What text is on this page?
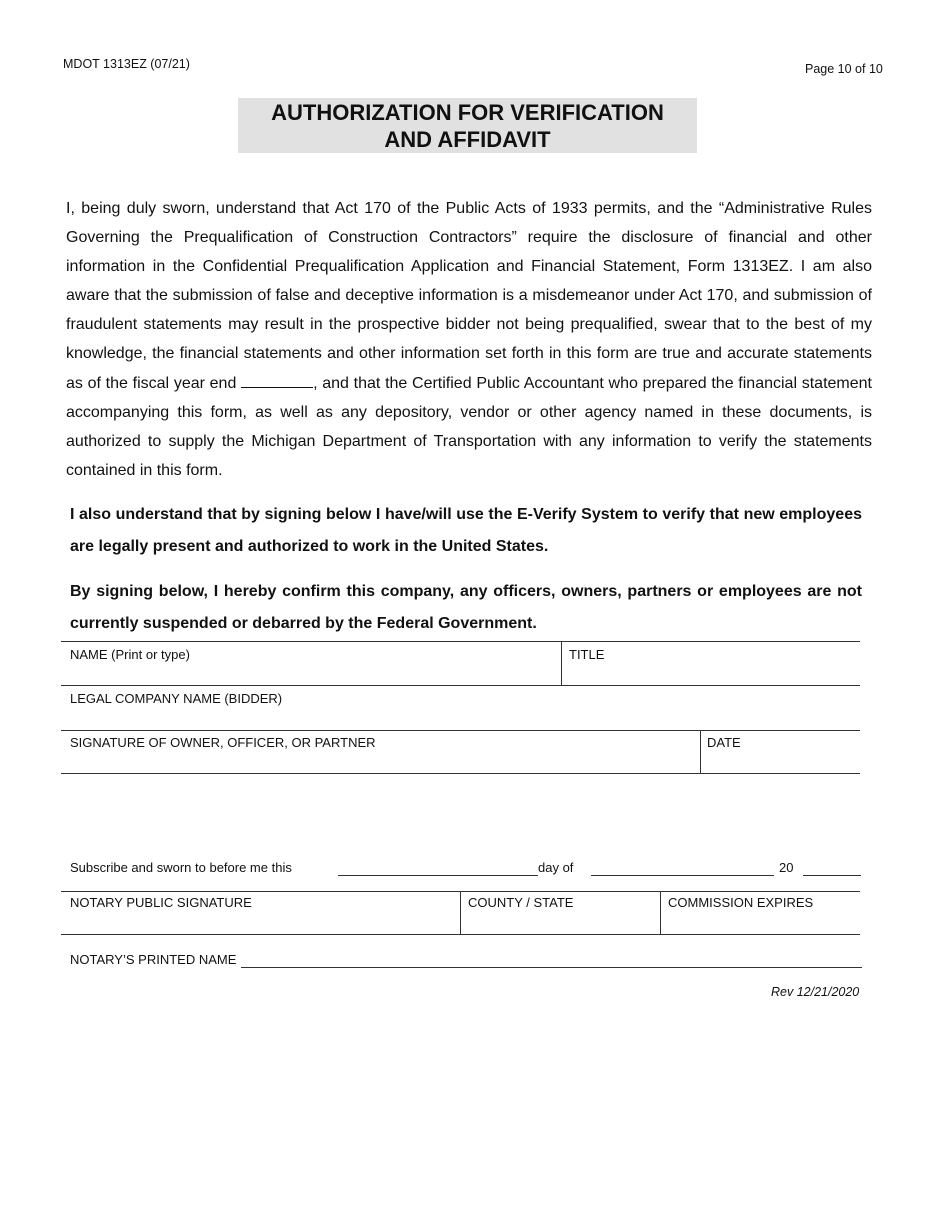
MDOT 1313EZ (07/21)	Page 10 of 10
AUTHORIZATION FOR VERIFICATION
AND AFFIDAVIT
I, being duly sworn, understand that Act 170 of the Public Acts of 1933 permits, and the “Administrative Rules Governing the Prequalification of Construction Contractors” require the disclosure of financial and other information in the Confidential Prequalification Application and Financial Statement, Form 1313EZ. I am also aware that the submission of false and deceptive information is a misdemeanor under Act 170, and submission of fraudulent statements may result in the prospective bidder not being prequalified, swear that to the best of my knowledge, the financial statements and other information set forth in this form are true and accurate statements as of the fiscal year end	, and that the Certified Public Accountant who prepared the financial statement accompanying this form, as well as any depository, vendor or other agency named in these documents, is authorized to supply the Michigan Department of Transportation with any information to verify the statements contained in this form.
I also understand that by signing below I have/will use the E-Verify System to verify that new employees are legally present and authorized to work in the United States.
By signing below, I hereby confirm this company, any officers, owners, partners or employees are not currently suspended or debarred by the Federal Government.
NAME (Print or type)	TITLE
LEGAL COMPANY NAME (BIDDER)
SIGNATURE OF OWNER, OFFICER, OR PARTNER	DATE
Subscribe and sworn to before me this	day of	20
NOTARY PUBLIC SIGNATURE	COUNTY / STATE	COMMISSION EXPIRES
NOTARY’S PRINTED NAME
Rev 12/21/2020
